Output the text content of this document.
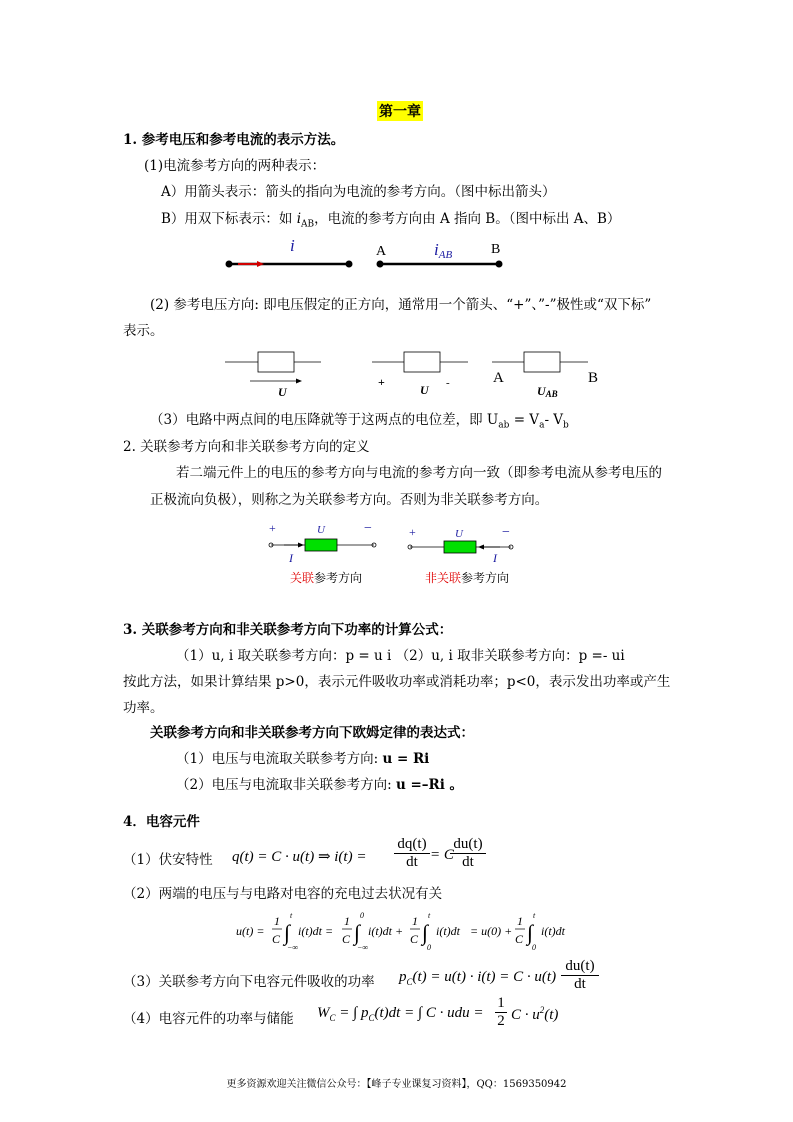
第一章
1. 参考电压和参考电流的表示方法。
(1)电流参考方向的两种表示：
A）用箭头表示：箭头的指向为电流的参考方向。（图中标出箭头）
B）用双下标表示：如 $i_{AB}$，电流的参考方向由 A 指向 B。（图中标出 A、B）
i	A	iAB	B
(2) 参考电压方向: 即电压假定的正方向，通常用一个箭头、“+”、”-”极性或“双下标”
表示。
U
+
U -	A
UAB
B
（3）电路中两点间的电压降就等于这两点的电位差，即 $U_{ab} = V_a-$ $V_b$
2. 关联参考方向和非关联参考方向的定义
若二端元件上的电压的参考方向与电流的参考方向一致（即参考电流从参考电压的
正极流向负极），则称之为关联参考方向。否则为非关联参考方向。
+	U	−
I
关联参考方向
+	U	−
I
非关联参考方向
3. 关联参考方向和非关联参考方向下功率的计算公式：
（1）u, i 取关联参考方向：p = u i （2）u, i 取非关联参考方向：p =- ui
按此方法，如果计算结果 p>0，表示元件吸收功率或消耗功率；p<0，表示发出功率或产生
功率。
关联参考方向和非关联参考方向下欧姆定律的表达式：
（1）电压与电流取关联参考方向: u = Ri
（2）电压与电流取非关联参考方向: u =–Ri 。
4．电容元件
（1）伏安特性 q(t) = C · u(t) ⇒ $i(t) = \frac{dq(t)}{dt} = C$
$\frac{du(t)}{dt}$
（2）两端的电压与与电路对电容的充电过去状况有关
u(t) =
1
C ∫
t
−∞
i(t)dt =
1
C ∫
0
−∞
i(t)dt +
1
C ∫
t
0
i(t)dt = u(0) +
1
C ∫
t
0
i(t)dt
（3）关联参考方向下电容元件吸收的功率 $p_C(t) = u(t) \cdot i(t) = C \cdot u(t) \frac{du(t)}{dt}$
（4）电容元件的功率与储能 $W_C$ = ∫ $p_C(t)dt$ = ∫ C · udu = $\frac{1}{2}$ $C \cdot u^2(t)$
更多资源欢迎关注微信公众号：【峰子专业课复习资料】，QQ：1569350942
